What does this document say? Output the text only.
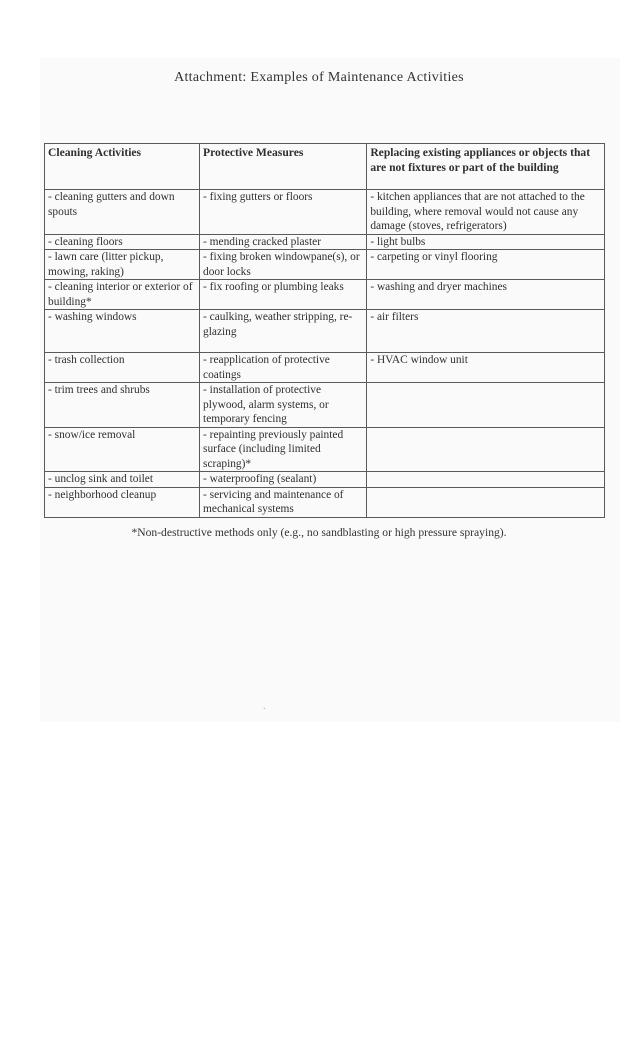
Attachment: Examples of Maintenance Activities
Cleaning Activities	Protective Measures	Replacing existing appliances or objects that are not fixtures or part of the building
- cleaning gutters and down spouts	- fixing gutters or floors	- kitchen appliances that are not attached to the building, where removal would not cause any damage (stoves, refrigerators)
- cleaning floors	- mending cracked plaster	- light bulbs
- lawn care (litter pickup, mowing, raking)	- fixing broken windowpane(s), or door locks	- carpeting or vinyl flooring
- cleaning interior or exterior of building*	- fix roofing or plumbing leaks	- washing and dryer machines
- washing windows	- caulking, weather stripping, re-glazing	- air filters
- trash collection	- reapplication of protective coatings	- HVAC window unit
- trim trees and shrubs	- installation of protective plywood, alarm systems, or temporary fencing	
- snow/ice removal	- repainting previously painted surface (including limited scraping)*	
- unclog sink and toilet	- waterproofing (sealant)	
- neighborhood cleanup	- servicing and maintenance of mechanical systems	
*Non-destructive methods only (e.g., no sandblasting or high pressure spraying).
ˎ
